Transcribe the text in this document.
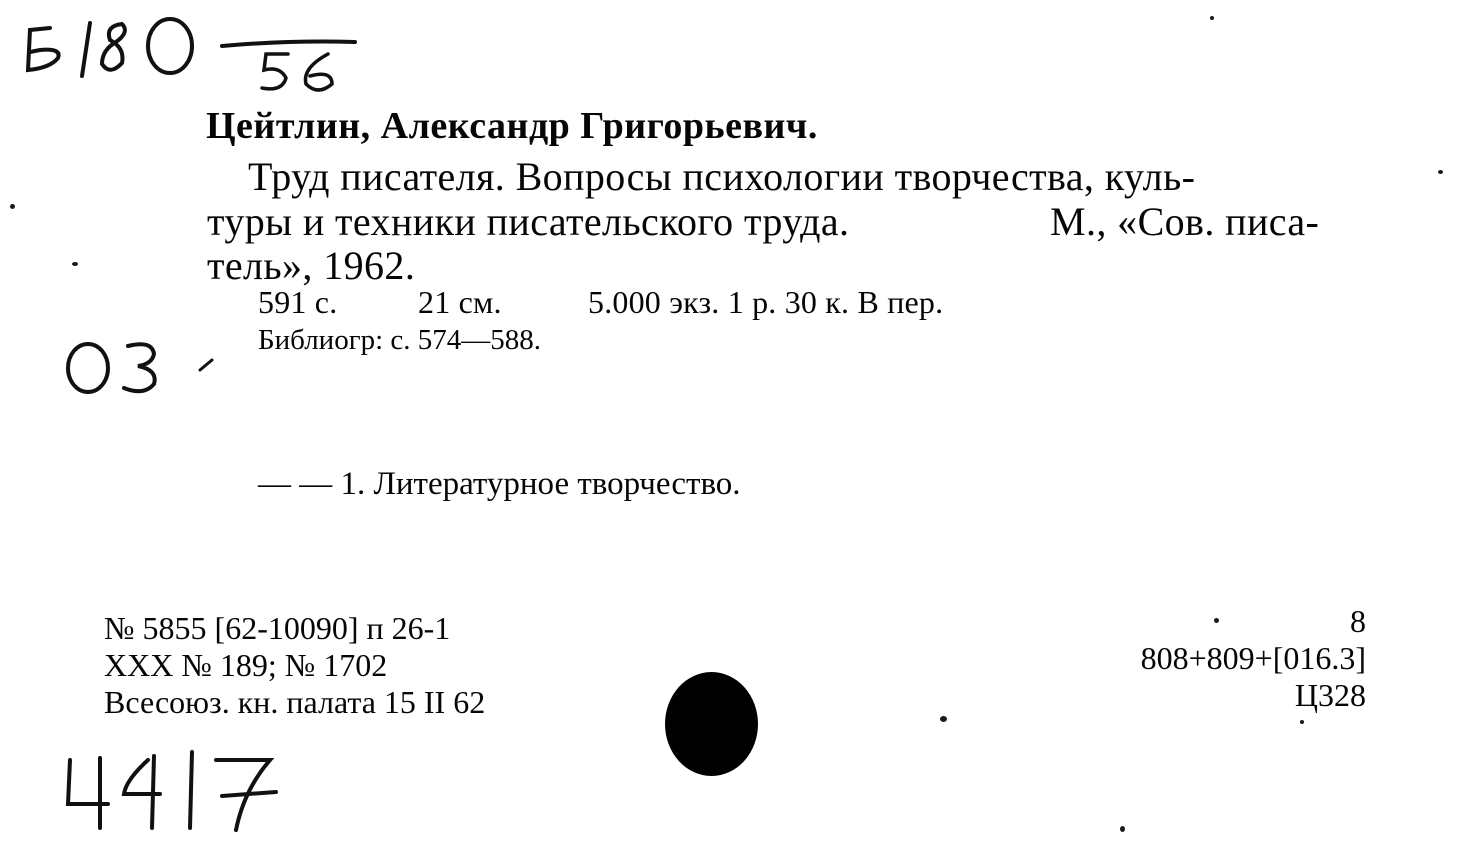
Цейтлин, Александр Григорьевич.
Труд писателя. Вопросы психологии творчества, куль-
туры и техники писательского труда.	М., «Сов. писа-
тель», 1962.
591 с.	21 см.	5.000 экз. 1 р. 30 к. В пер.
Библиогр: с. 574—588.
— — 1. Литературное творчество.
№ 5855 [62-10090] п 26-1
XXX № 189; № 1702
Всесоюз. кн. палата 15 II 62
8
808+809+[016.3]
Ц328
